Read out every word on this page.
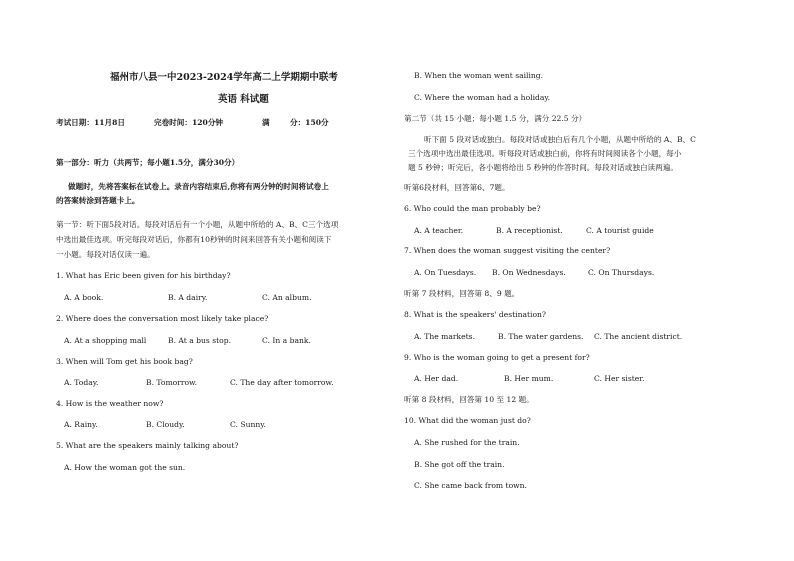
福州市八县一中2023-2024学年高二上学期期中联考
英语 科试题
考试日期：11月8日	完卷时间：120分钟	满	分：150分
第一部分：听力（共两节；每小题1.5分，满分30分）
做题时，先将答案标在试卷上。录音内容结束后,你将有两分钟的时间将试卷上
的答案转涂到答题卡上。
第一节：听下面5段对话。每段对话后有一个小题，从题中所给的 A、B、C三个选项
中选出最佳选项。听完每段对话后，你都有10秒钟的时间来回答有关小题和阅读下
一小题。每段对话仅读一遍。
1. What has Eric been given for his birthday?
A. A book.	B. A dairy.	C. An album.
2. Where does the conversation most likely take place?
A. At a shopping mall	B. At a bus stop.	C. In a bank.
3. When will Tom get his book bag?
A. Today.	B. Tomorrow.	C. The day after tomorrow.
4. How is the weather now?
A. Rainy.	B. Cloudy.	C. Sunny.
5. What are the speakers mainly talking about?
A. How the woman got the sun.
B. When the woman went sailing.
C. Where the woman had a holiday.
第二节（共 15 小题；每小题 1.5 分，满分 22.5 分）
听下面 5 段对话或独白。每段对话或独白后有几个小题，从题中所给的 A、B、C
三个选项中选出最佳选项。听每段对话或独白前，你将有时间阅读各个小题，每小
题 5 秒钟；听完后，各小题将给出 5 秒钟的作答时间。每段对话或独白读两遍。
听第6段材料，回答第6、7题。
6. Who could the man probably be?
A. A teacher.	B. A receptionist.	C. A tourist guide
7. When does the woman suggest visiting the center?
A. On Tuesdays. B. On Wednesdays.	C. On Thursdays.
听第 7 段材料，回答第 8、9 题。
8. What is the speakers' destination?
A. The markets.	B. The water gardens. C. The ancient district.
9. Who is the woman going to get a present for?
A. Her dad.	B. Her mum.	C. Her sister.
听第 8 段材料，回答第 10 至 12 题。
10. What did the woman just do?
A. She rushed for the train.
B. She got off the train.
C. She came back from town.
